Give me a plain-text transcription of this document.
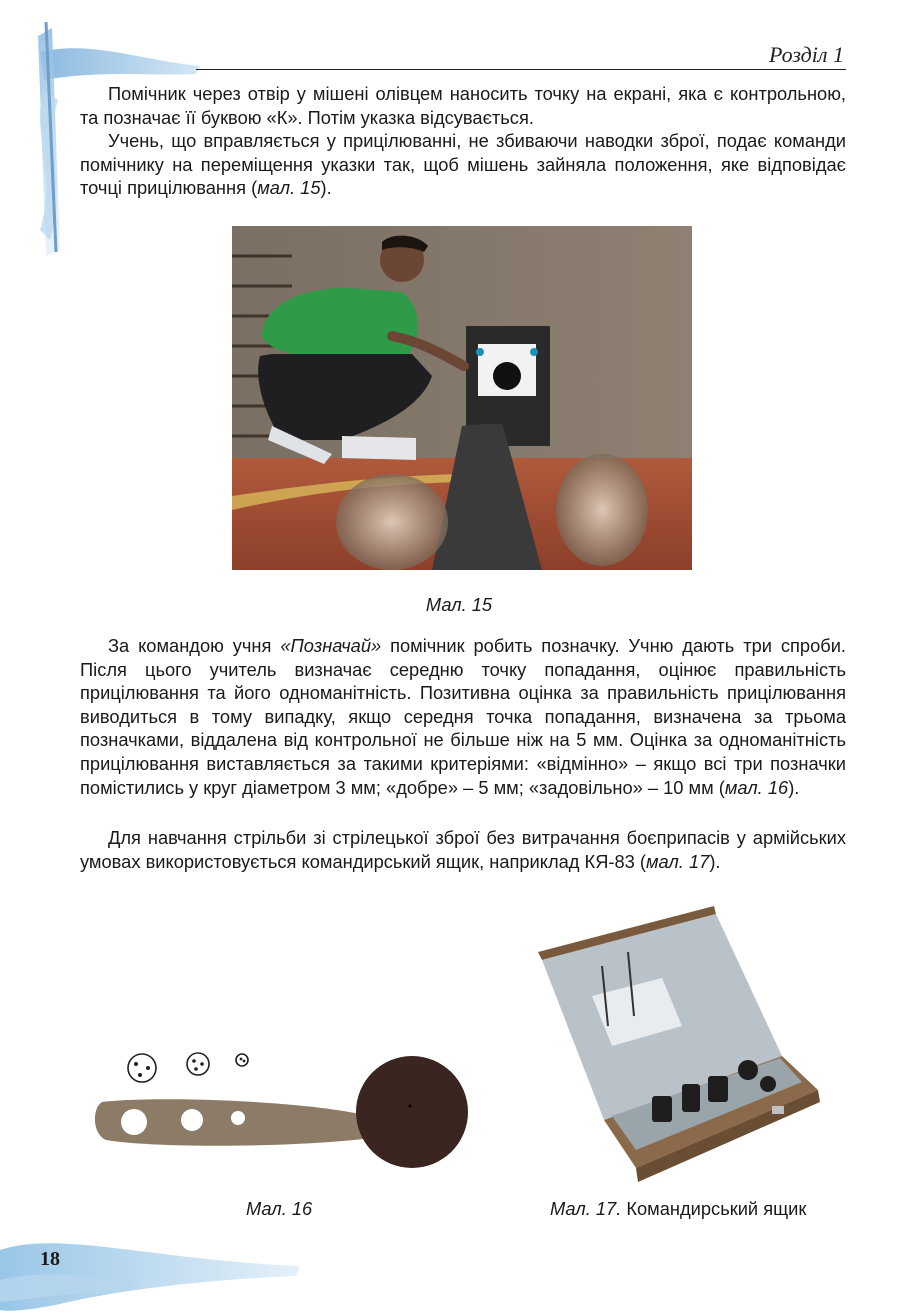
Розділ 1

Помічник через отвір у мішені олівцем наносить точку на екрані, яка є контрольною, та позначає її буквою «К». Потім указка відсувається.

Учень, що вправляється у прицілюванні, не збиваючи наводки зброї, подає команди помічнику на переміщення указки так, щоб мішень зайняла положення, яке відповідає точці прицілювання (мал. 15).

Мал. 15

За командою учня «Позначай» помічник робить позначку. Учню дають три спроби. Після цього учитель визначає середню точку попадання, оцінює правильність прицілювання та його одноманітність. Позитивна оцінка за правильність прицілювання виводиться в тому випадку, якщо середня точка попадання, визначена за трьома позначками, віддалена від контрольної не більше ніж на 5 мм. Оцінка за одноманітність прицілювання виставляється за такими критеріями: «відмінно» – якщо всі три позначки помістились у круг діаметром 3 мм; «добре» – 5 мм; «задовільно» – 10 мм (мал. 16).

Для навчання стрільби зі стрілецької зброї без витрачання боєприпасів у армійських умовах використовується командирський ящик, наприклад КЯ-83 (мал. 17).

Мал. 16	Мал. 17. Командирський ящик
18
